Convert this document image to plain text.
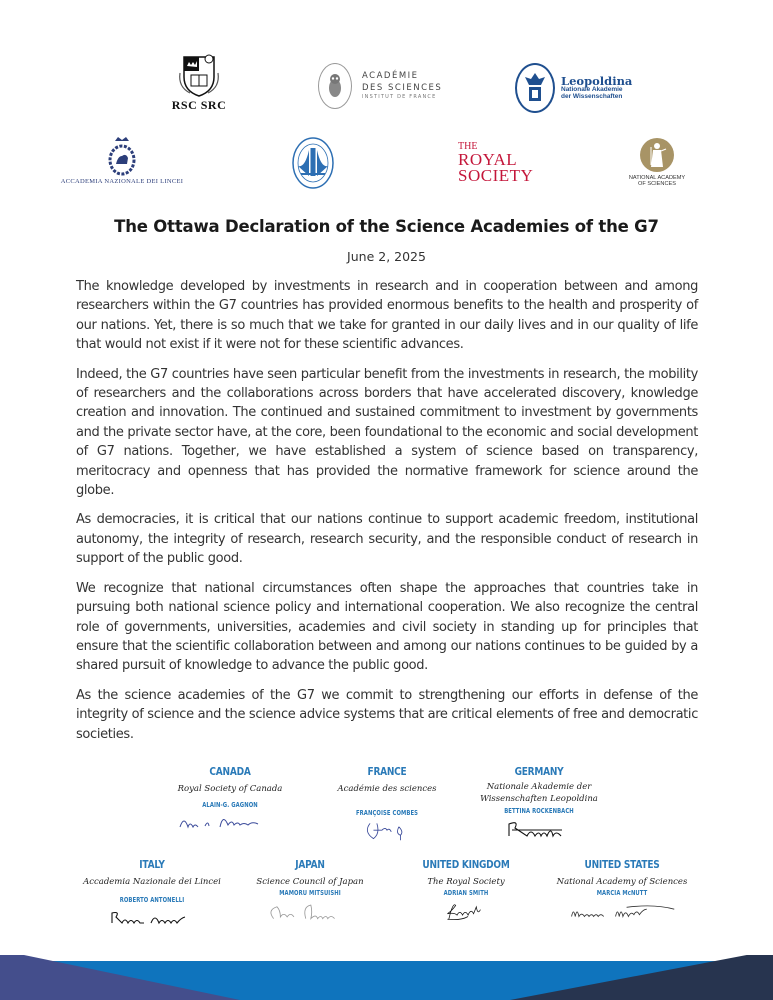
RSC SRC
ACADÉMIE
DES SCIENCES
INSTITUT DE FRANCE
Leopoldina
Nationale Akademie
der Wissenschaften
ACCADEMIA NAZIONALE DEI LINCEI
THE
ROYAL
SOCIETY	NATIONAL ACADEMY
OF SCIENCES
The Ottawa Declaration of the Science Academies of the G7
June 2, 2025

The knowledge developed by investments in research and in cooperation between and among researchers within the G7 countries has provided enormous benefits to the health and prosperity of our nations. Yet, there is so much that we take for granted in our daily lives and in our quality of life that would not exist if it were not for these scientific advances.

Indeed, the G7 countries have seen particular benefit from the investments in research, the mobility of researchers and the collaborations across borders that have accelerated discovery, knowledge creation and innovation. The continued and sustained commitment to investment by governments and the private sector have, at the core, been foundational to the economic and social development of G7 nations. Together, we have established a system of science based on transparency, meritocracy and openness that has provided the normative framework for science around the globe.

As democracies, it is critical that our nations continue to support academic freedom, institutional autonomy, the integrity of research, research security, and the responsible conduct of research in support of the public good.

We recognize that national circumstances often shape the approaches that countries take in pursuing both national science policy and international cooperation. We also recognize the central role of governments, universities, academies and civil society in standing up for principles that ensure that the scientific collaboration between and among our nations continues to be guided by a shared pursuit of knowledge to advance the public good.

As the science academies of the G7 we commit to strengthening our efforts in defense of the integrity of science and the science advice systems that are critical elements of free and democratic societies.

CANADA
Royal Society of Canada
ALAIN-G. GAGNON
FRANCE
Académie des sciences
FRANÇOISE COMBES
GERMANY
Nationale Akademie der Wissenschaften Leopoldina
BETTINA ROCKENBACH
ITALY
Accademia Nazionale dei Lincei
ROBERTO ANTONELLI
JAPAN
Science Council of Japan
MAMORU MITSUISHI
UNITED KINGDOM
The Royal Society
ADRIAN SMITH
UNITED STATES
National Academy of Sciences
MARCIA McNUTT
